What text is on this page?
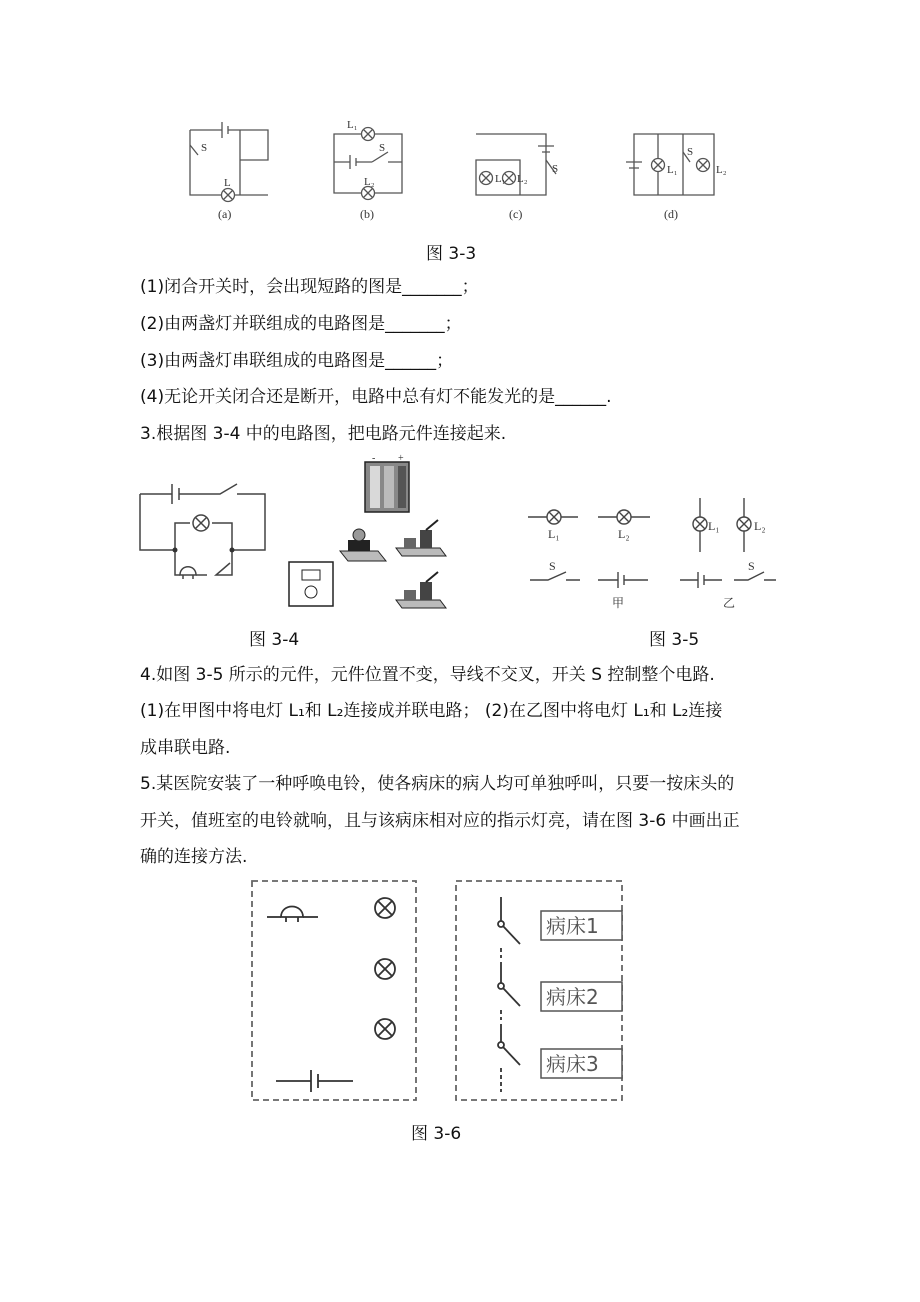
S
L
L₁
S
L₂
S
L₁ L₂
S
L₁	L₂
(a)	(b)	(c)	(d)
图 3-3
(1)闭合开关时，会出现短路的图是_______；
(2)由两盏灯并联组成的电路图是_______；
(3)由两盏灯串联组成的电路图是______；
(4)无论开关闭合还是断开，电路中总有灯不能发光的是______.
3.根据图 3-4 中的电路图，把电路元件连接起来.
- +
L₁	L₂
S
L₁	L₂
S
甲	乙
图 3-4	图 3-5
4.如图 3-5 所示的元件，元件位置不变，导线不交叉，开关 S 控制整个电路.
(1)在甲图中将电灯 L₁和 L₂连接成并联电路； (2)在乙图中将电灯 L₁和 L₂连接
成串联电路.
5.某医院安装了一种呼唤电铃，使各病床的病人均可单独呼叫，只要一按床头的
开关，值班室的电铃就响，且与该病床相对应的指示灯亮，请在图 3-6 中画出正
确的连接方法.
病床1
病床2
病床3
图 3-6
